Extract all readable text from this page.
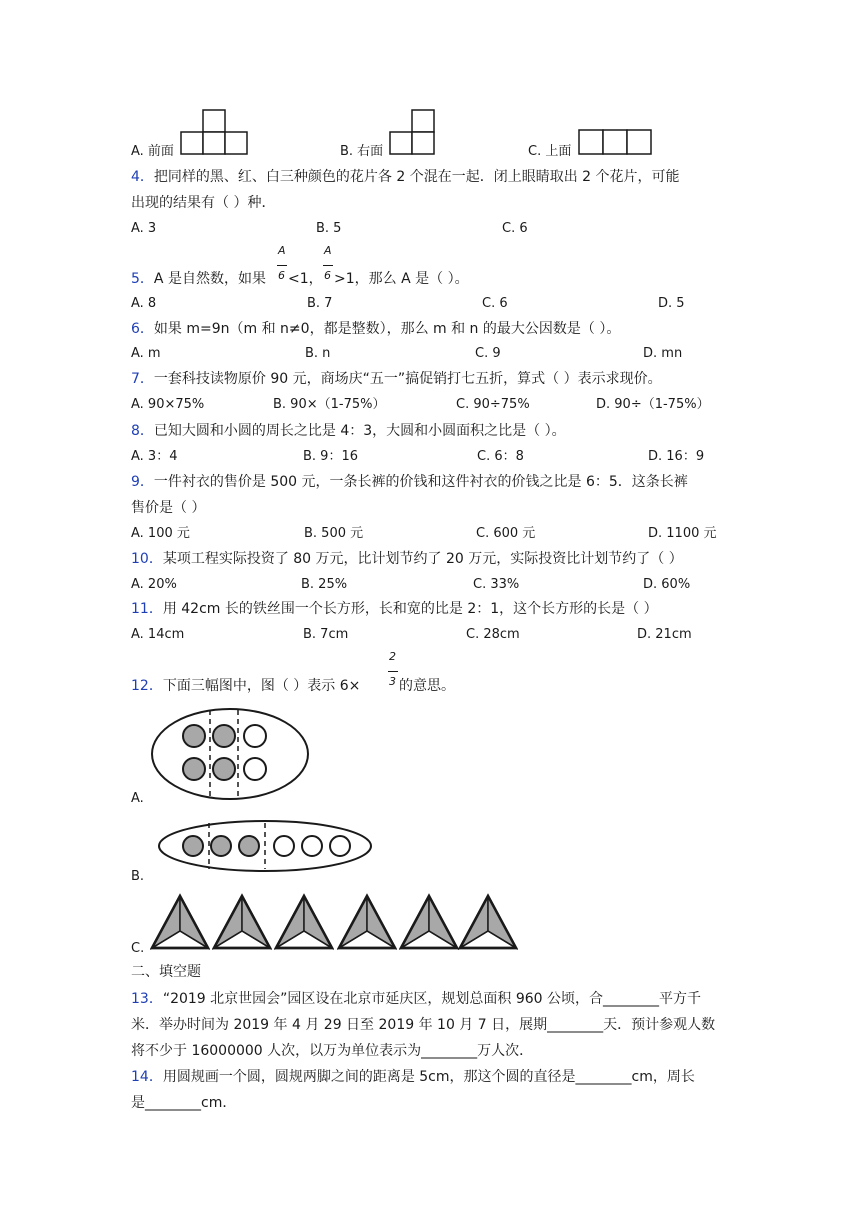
A. 前面	B. 右面	C. 上面
4．把同样的黑、红、白三种颜色的花片各 2 个混在一起．闭上眼睛取出 2 个花片，可能
出现的结果有（ ）种．
A. 3	B. 5	C. 6
5．A 是自然数，如果
A
6 <1，
A
6 >1，那么 A 是（ ）。
A. 8	B. 7	C. 6	D. 5
6．如果 m=9n（m 和 n≠0，都是整数），那么 m 和 n 的最大公因数是（ ）。
A. m	B. n	C. 9	D. mn
7．一套科技读物原价 90 元，商场庆“五一”搞促销打七五折，算式（ ）表示求现价。
A. 90×75%	B. 90×（1-75%）	C. 90÷75%	D. 90÷（1-75%）
8．已知大圆和小圆的周长之比是 4：3，大圆和小圆面积之比是（ ）。
A. 3：4	B. 9：16	C. 6：8	D. 16：9
9．一件衬衣的售价是 500 元，一条长裤的价钱和这件衬衣的价钱之比是 6：5．这条长裤
售价是（ ）
A. 100 元	B. 500 元	C. 600 元	D. 1100 元
10．某项工程实际投资了 80 万元，比计划节约了 20 万元，实际投资比计划节约了（ ）
A. 20%	B. 25%	C. 33%	D. 60%
11．用 42cm 长的铁丝围一个长方形，长和宽的比是 2：1，这个长方形的长是（ ）
A. 14cm	B. 7cm	C. 28cm	D. 21cm
12．下面三幅图中，图（ ）表示 6×
2
3 的意思。
A.
B.
C.
二、填空题
13．“2019 北京世园会”园区设在北京市延庆区，规划总面积 960 公顷，合________平方千
米．举办时间为 2019 年 4 月 29 日至 2019 年 10 月 7 日，展期________天．预计参观人数
将不少于 16000000 人次，以万为单位表示为________万人次．
14．用圆规画一个圆，圆规两脚之间的距离是 5cm，那这个圆的直径是________cm，周长
是________cm．
